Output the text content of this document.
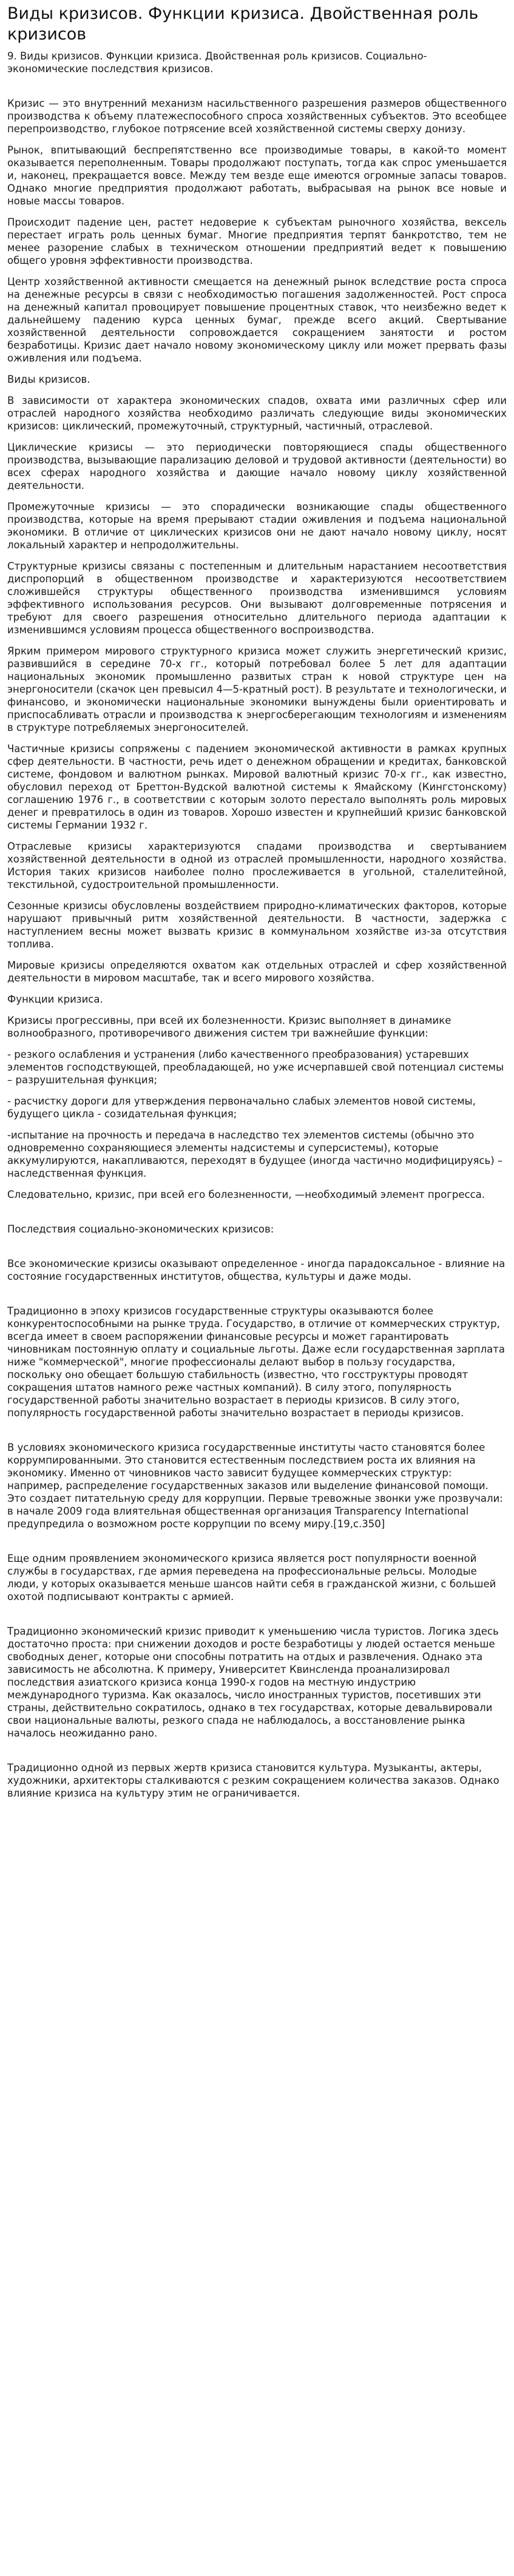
Виды кризисов. Функции кризиса. Двойственная роль кризисов

9. Виды кризисов. Функции кризиса. Двойственная роль кризисов. Социально-экономические последствия кризисов.

Кризис — это внутренний механизм насильственного разрешения размеров общественного производства к объему платежеспособного спроса хозяйственных субъектов. Это всеобщее перепроизводство, глубокое потрясение всей хозяйственной системы сверху донизу.

Рынок, впитывающий беспрепятственно все производимые товары, в какой-то момент оказывается переполненным. Товары продолжают поступать, тогда как спрос уменьшается и, наконец, прекращается вовсе. Между тем везде еще имеются огромные запасы товаров. Однако многие предприятия продолжают работать, выбрасывая на рынок все новые и новые массы товаров.

Происходит падение цен, растет недоверие к субъектам рыночного хозяйства, вексель перестает играть роль ценных бумаг. Многие предприятия терпят банкротство, тем не менее разорение слабых в техническом отношении предприятий ведет к повышению общего уровня эффективности производства.

Центр хозяйственной активности смещается на денежный рынок вследствие роста спроса на денежные ресурсы в связи с необходимостью погашения задолженностей. Рост спроса на денежный капитал провоцирует повышение процентных ставок, что неизбежно ведет к дальнейшему падению курса ценных бумаг, прежде всего акций. Свертывание хозяйственной деятельности сопровождается сокращением занятости и ростом безработицы. Кризис дает начало новому экономическому циклу или может прервать фазы оживления или подъема.

Виды кризисов.

В зависимости от характера экономических спадов, охвата ими различных сфер или отраслей народного хозяйства необходимо различать следующие виды экономических кризисов: циклический, промежуточный, структурный, частичный, отраслевой.

Циклические кризисы — это периодически повторяющиеся спады общественного производства, вызывающие парализацию деловой и трудовой активности (деятельности) во всех сферах народного хозяйства и дающие начало новому циклу хозяйственной деятельности.

Промежуточные кризисы — это спорадически возникающие спады общественного производства, которые на время прерывают стадии оживления и подъема национальной экономики. В отличие от циклических кризисов они не дают начало новому циклу, носят локальный характер и непродолжительны.

Структурные кризисы связаны с постепенным и длительным нарастанием несоответствия диспропорций в общественном производстве и характеризуются несоответствием сложившейся структуры общественного производства изменившимся условиям эффективного использования ресурсов. Они вызывают долговременные потрясения и требуют для своего разрешения относительно длительного периода адаптации к изменившимся условиям процесса общественного воспроизводства.

Ярким примером мирового структурного кризиса может служить энергетический кризис, развившийся в середине 70-х гг., который потребовал более 5 лет для адаптации национальных экономик промышленно развитых стран к новой структуре цен на энергоносители (скачок цен превысил 4—5-кратный рост). В результате и технологически, и финансово, и экономически национальные экономики вынуждены были ориентировать и приспосабливать отрасли и производства к энергосберегающим технологиям и изменениям в структуре потребляемых энергоносителей.

Частичные кризисы сопряжены с падением экономической активности в рамках крупных сфер деятельности. В частности, речь идет о денежном обращении и кредитах, банковской системе, фондовом и валютном рынках. Мировой валютный кризис 70-х гг., как известно, обусловил переход от Бреттон-Вудской валютной системы к Ямайскому (Кингстонскому) соглашению 1976 г., в соответствии с которым золото перестало выполнять роль мировых денег и превратилось в один из товаров. Хорошо известен и крупнейший кризис банковской системы Германии 1932 г.

Отраслевые кризисы характеризуются спадами производства и свертыванием хозяйственной деятельности в одной из отраслей промышленности, народного хозяйства. История таких кризисов наиболее полно прослеживается в угольной, сталелитейной, текстильной, судостроительной промышленности.

Сезонные кризисы обусловлены воздействием природно-климатических факторов, которые нарушают привычный ритм хозяйственной деятельности. В частности, задержка с наступлением весны может вызвать кризис в коммунальном хозяйстве из-за отсутствия топлива.

Мировые кризисы определяются охватом как отдельных отраслей и сфер хозяйственной деятельности в мировом масштабе, так и всего мирового хозяйства.

Функции кризиса.

Кризисы прогрессивны, при всей их болезненности. Кризис выполняет в динамике волнообразного, противоречивого движения систем три важнейшие функции:

- резкого ослабления и устранения (либо качественного преобразования) устаревших элементов господствующей, преобладающей, но уже исчерпавшей свой потенциал системы – разрушительная функция;

- расчистку дороги для утверждения первоначально слабых элементов новой системы, будущего цикла - созидательная функция;

-испытание на прочность и передача в наследство тех элементов системы (обычно это одновременно сохраняющиеся элементы надсистемы и суперсистемы), которые аккумулируются, накапливаются, переходят в будущее (иногда частично модифицируясь) – наследственная функция.

Следовательно, кризис, при всей его болезненности, —необходимый элемент прогресса.

Последствия социально-экономических кризисов:

Все экономические кризисы оказывают определенное - иногда парадоксальное - влияние на состояние государственных институтов, общества, культуры и даже моды.

Традиционно в эпоху кризисов государственные структуры оказываются более конкурентоспособными на рынке труда. Государство, в отличие от коммерческих структур, всегда имеет в своем распоряжении финансовые ресурсы и может гарантировать чиновникам постоянную оплату и социальные льготы. Даже если государственная зарплата ниже "коммерческой", многие профессионалы делают выбор в пользу государства, поскольку оно обещает большую стабильность (известно, что госструктуры проводят сокращения штатов намного реже частных компаний). В силу этого, популярность государственной работы значительно возрастает в периоды кризисов. В силу этого, популярность государственной работы значительно возрастает в периоды кризисов.

В условиях экономического кризиса государственные институты часто становятся более коррумпированными. Это становится естественным последствием роста их влияния на экономику. Именно от чиновников часто зависит будущее коммерческих структур: например, распределение государственных заказов или выделение финансовой помощи. Это создает питательную среду для коррупции. Первые тревожные звонки уже прозвучали: в начале 2009 года влиятельная общественная организация Transparency International предупредила о возможном росте коррупции по всему миру.[19,с.350]

Еще одним проявлением экономического кризиса является рост популярности военной службы в государствах, где армия переведена на профессиональные рельсы. Молодые люди, у которых оказывается меньше шансов найти себя в гражданской жизни, с большей охотой подписывают контракты с армией.

Традиционно экономический кризис приводит к уменьшению числа туристов. Логика здесь достаточно проста: при снижении доходов и росте безработицы у людей остается меньше свободных денег, которые они способны потратить на отдых и развлечения. Однако эта зависимость не абсолютна. К примеру, Университет Квинсленда проанализировал последствия азиатского кризиса конца 1990-х годов на местную индустрию международного туризма. Как оказалось, число иностранных туристов, посетивших эти страны, действительно сократилось, однако в тех государствах, которые девальвировали свои национальные валюты, резкого спада не наблюдалось, а восстановление рынка началось неожиданно рано.

Традиционно одной из первых жертв кризиса становится культура. Музыканты, актеры, художники, архитекторы сталкиваются с резким сокращением количества заказов. Однако влияние кризиса на культуру этим не ограничивается.
